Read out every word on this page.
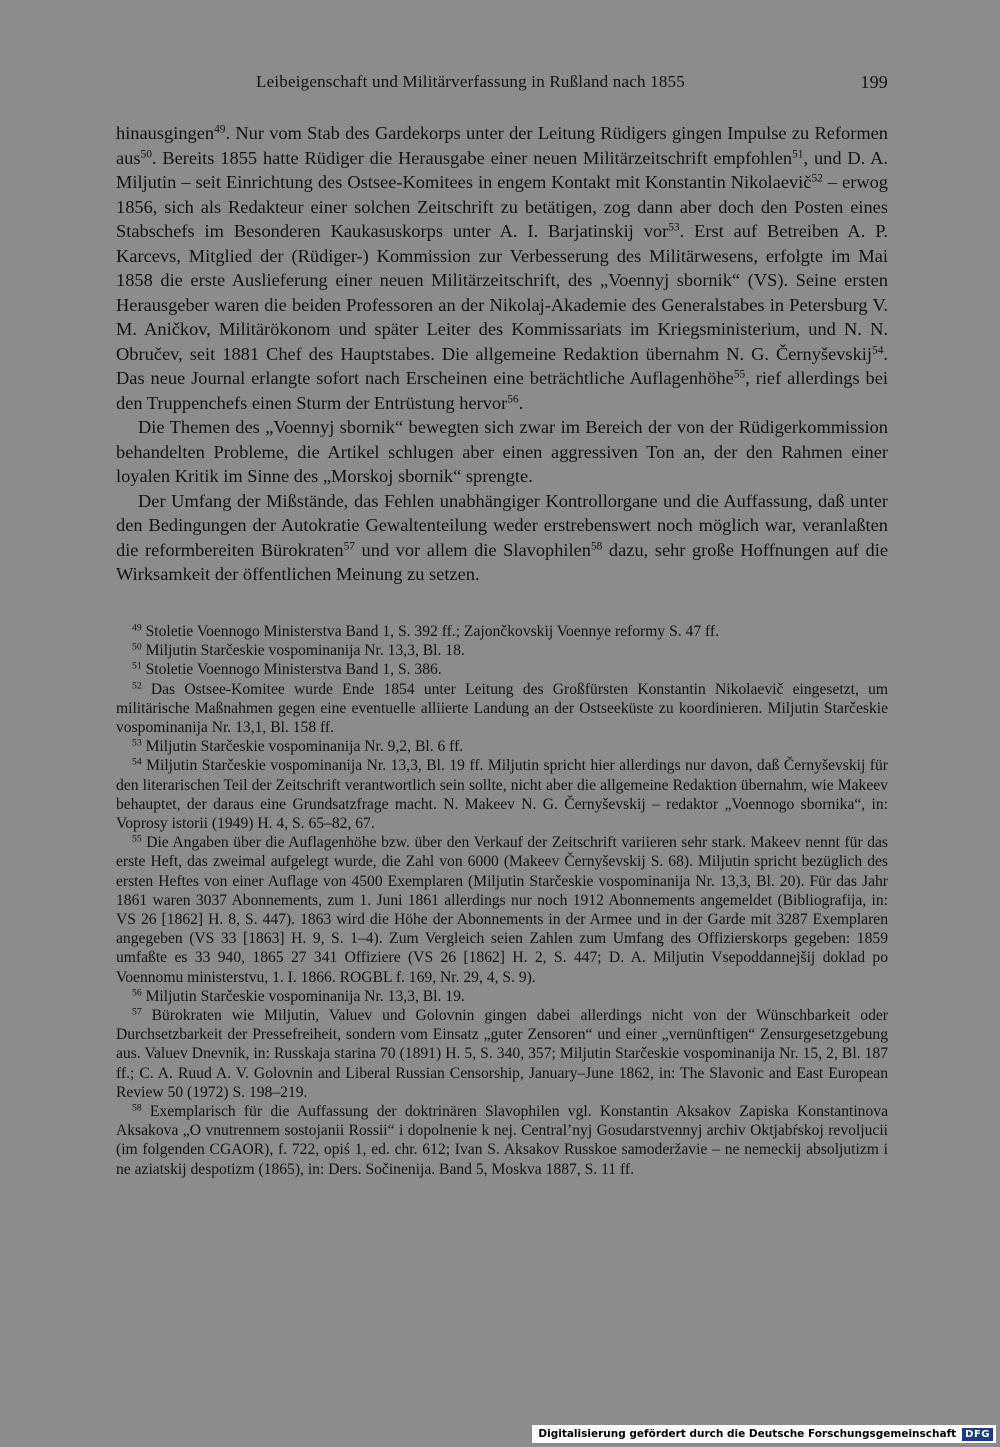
Leibeigenschaft und Militärverfassung in Rußland nach 1855	199

hinausgingen$^{49}$. Nur vom Stab des Gardekorps unter der Leitung Rüdigers gingen Impulse zu Reformen aus$^{50}$. Bereits 1855 hatte Rüdiger die Herausgabe einer neuen Militärzeitschrift empfohlen$^{51}$, und D. A. Miljutin – seit Einrichtung des Ostsee-Komitees in engem Kontakt mit Konstantin Nikolaevič$^{52}$ – erwog 1856, sich als Redakteur einer solchen Zeitschrift zu betätigen, zog dann aber doch den Posten eines Stabschefs im Besonderen Kaukasuskorps unter A. I. Barjatinskij vor$^{53}$. Erst auf Betreiben A. P. Karcevs, Mitglied der (Rüdiger-) Kommission zur Verbesserung des Militärwesens, erfolgte im Mai 1858 die erste Auslieferung einer neuen Militärzeitschrift, des „Voennyj sbornik“ (VS). Seine ersten Herausgeber waren die beiden Professoren an der Nikolaj-Akademie des Generalstabes in Petersburg V. M. Aničkov, Militärökonom und später Leiter des Kommissariats im Kriegsministerium, und N. N. Obručev, seit 1881 Chef des Hauptstabes. Die allgemeine Redaktion übernahm N. G. Černyševskij$^{54}$. Das neue Journal erlangte sofort nach Erscheinen eine beträchtliche Auflagenhöhe$^{55}$, rief allerdings bei den Truppenchefs einen Sturm der Entrüstung hervor$^{56}$.

Die Themen des „Voennyj sbornik“ bewegten sich zwar im Bereich der von der Rüdigerkommission behandelten Probleme, die Artikel schlugen aber einen aggressiven Ton an, der den Rahmen einer loyalen Kritik im Sinne des „Morskoj sbornik“ sprengte.

Der Umfang der Mißstände, das Fehlen unabhängiger Kontrollorgane und die Auffassung, daß unter den Bedingungen der Autokratie Gewaltenteilung weder erstrebenswert noch möglich war, veranlaßten die reformbereiten Bürokraten$^{57}$ und vor allem die Slavophilen$^{58}$ dazu, sehr große Hoffnungen auf die Wirksamkeit der öffentlichen Meinung zu setzen.

$^{49}$ Stoletie Voennogo Ministerstva Band 1, S. 392 ff.; Zajončkovskij Voennye reformy S. 47 ff.

$^{50}$ Miljutin Starčeskie vospominanija Nr. 13,3, Bl. 18.

$^{51}$ Stoletie Voennogo Ministerstva Band 1, S. 386.

$^{52}$ Das Ostsee-Komitee wurde Ende 1854 unter Leitung des Großfürsten Konstantin Nikolaevič eingesetzt, um militärische Maßnahmen gegen eine eventuelle alliierte Landung an der Ostseeküste zu koordinieren. Miljutin Starčeskie vospominanija Nr. 13,1, Bl. 158 ff.

$^{53}$ Miljutin Starčeskie vospominanija Nr. 9,2, Bl. 6 ff.

$^{54}$ Miljutin Starčeskie vospominanija Nr. 13,3, Bl. 19 ff. Miljutin spricht hier allerdings nur davon, daß Černyševskij für den literarischen Teil der Zeitschrift verantwortlich sein sollte, nicht aber die allgemeine Redaktion übernahm, wie Makeev behauptet, der daraus eine Grundsatzfrage macht. N. Makeev N. G. Černyševskij – redaktor „Voennogo sbornika“, in: Voprosy istorii (1949) H. 4, S. 65–82, 67.

$^{55}$ Die Angaben über die Auflagenhöhe bzw. über den Verkauf der Zeitschrift variieren sehr stark. Makeev nennt für das erste Heft, das zweimal aufgelegt wurde, die Zahl von 6000 (Makeev Černyševskij S. 68). Miljutin spricht bezüglich des ersten Heftes von einer Auflage von 4500 Exemplaren (Miljutin Starčeskie vospominanija Nr. 13,3, Bl. 20). Für das Jahr 1861 waren 3037 Abonnements, zum 1. Juni 1861 allerdings nur noch 1912 Abonnements angemeldet (Bibliografija, in: VS 26 [1862] H. 8, S. 447). 1863 wird die Höhe der Abonnements in der Armee und in der Garde mit 3287 Exemplaren angegeben (VS 33 [1863] H. 9, S. 1–4). Zum Vergleich seien Zahlen zum Umfang des Offizierskorps gegeben: 1859 umfaßte es 33 940, 1865 27 341 Offiziere (VS 26 [1862] H. 2, S. 447; D. A. Miljutin Vsepoddannejšij doklad po Voennomu ministerstvu, 1. I. 1866. ROGBL f. 169, Nr. 29, 4, S. 9).

$^{56}$ Miljutin Starčeskie vospominanija Nr. 13,3, Bl. 19.

$^{57}$ Bürokraten wie Miljutin, Valuev und Golovnin gingen dabei allerdings nicht von der Wünschbarkeit oder Durchsetzbarkeit der Pressefreiheit, sondern vom Einsatz „guter Zensoren“ und einer „vernünftigen“ Zensurgesetzgebung aus. Valuev Dnevnik, in: Russkaja starina 70 (1891) H. 5, S. 340, 357; Miljutin Starčeskie vospominanija Nr. 15, 2, Bl. 187 ff.; C. A. Ruud A. V. Golovnin and Liberal Russian Censorship, January–June 1862, in: The Slavonic and East European Review 50 (1972) S. 198–219.

$^{58}$ Exemplarisch für die Auffassung der doktrinären Slavophilen vgl. Konstantin Aksakov Zapiska Konstantinova Aksakova „O vnutrennem sostojanii Rossii“ i dopolnenie k nej. Central’nyj Gosudarstvennyj archiv Oktjabŕskoj revoljucii (im folgenden CGAOR), f. 722, opiś 1, ed. chr. 612; Ivan S. Aksakov Russkoe samoderžavie – ne nemeckij absoljutizm i ne aziatskij despotizm (1865), in: Ders. Sočinenija. Band 5, Moskva 1887, S. 11 ff.

Digitalisierung gefördert durch die Deutsche Forschungsgemeinschaft DFG
